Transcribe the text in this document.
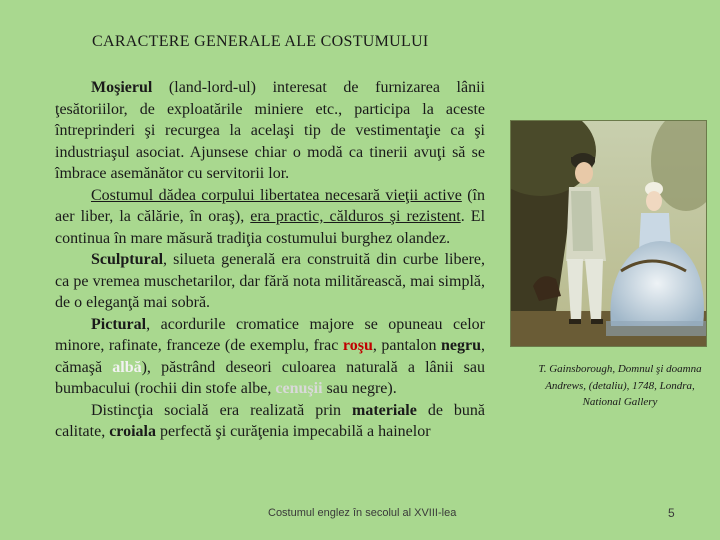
CARACTERE GENERALE ALE COSTUMULUI

Moşierul (land-lord-ul) interesat de furnizarea lânii ţesătoriilor, de exploatările miniere etc., participa la aceste întreprinderi şi recurgea la acelaşi tip de vestimentaţie ca şi industriaşul asociat. Ajunsese chiar o modă ca tinerii avuţi să se îmbrace asemănător cu servitorii lor.

Costumul dădea corpului libertatea necesară vieţii active (în aer liber, la călărie, în oraş), era practic, călduros şi rezistent. El continua în mare măsură tradiţia costumului burghez olandez.

Sculptural, silueta generală era construită din curbe libere, ca pe vremea muschetarilor, dar fără nota militărească, mai simplă, de o eleganţă mai sobră.

Pictural, acordurile cromatice majore se opuneau celor minore, rafinate, franceze (de exemplu, frac roşu, pantalon negru, cămaşă albă), păstrând deseori culoarea naturală a lânii sau bumbacului (rochii din stofe albe, cenuşii sau negre).

Distincţia socială era realizată prin materiale de bună calitate, croiala perfectă şi curăţenia impecabilă a hainelor

T. Gainsborough, Domnul şi doamna Andrews, (detaliu), 1748, Londra, National Gallery
Costumul englez în secolul al XVIII-lea	5
